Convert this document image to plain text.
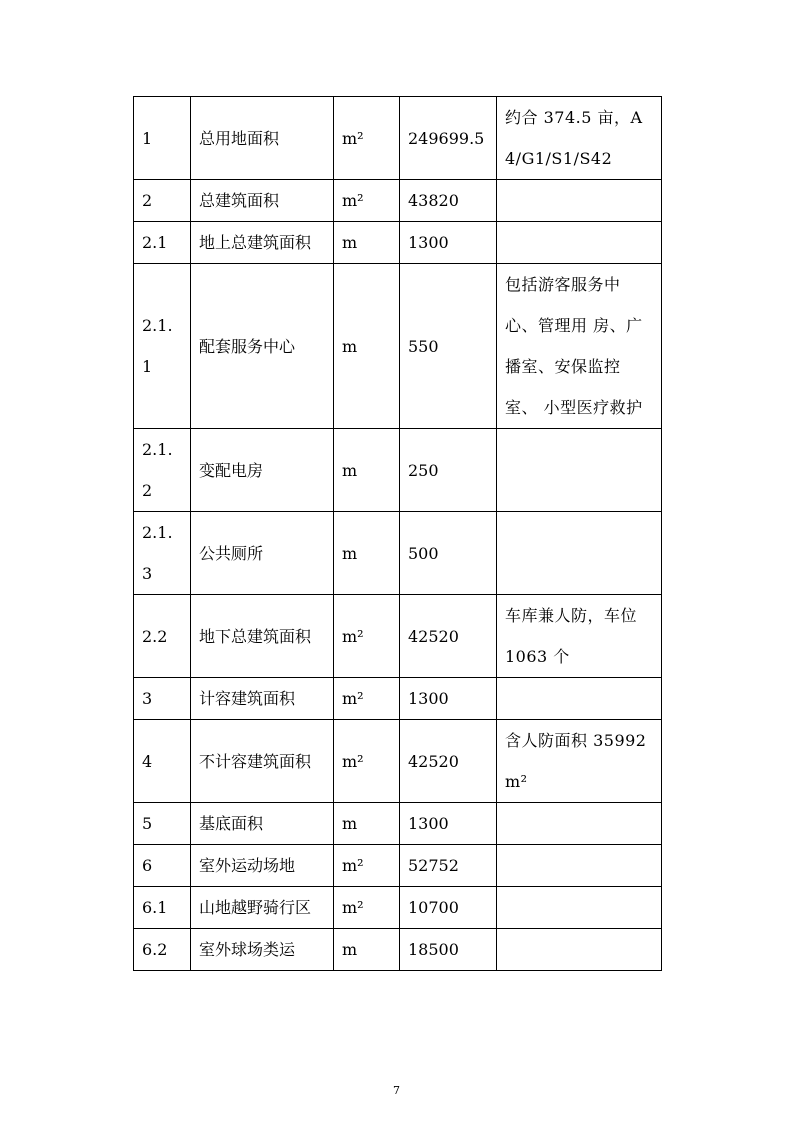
1	总用地面积	m²	249699.5	约合 374.5 亩，A4/G1/S1/S42
2	总建筑面积	m²	43820	
2.1	地上总建筑面积	m	1300	
2.1.1	配套服务中心	m	550	包括游客服务中心、管理用 房、广播室、安保监控室、 小型医疗救护
2.1.2	变配电房	m	250	
2.1.3	公共厕所	m	500	
2.2	地下总建筑面积	m²	42520	车库兼人防，车位 1063 个
3	计容建筑面积	m²	1300	
4	不计容建筑面积	m²	42520	含人防面积 35992m²
5	基底面积	m	1300	
6	室外运动场地	m²	52752	
6.1	山地越野骑行区	m²	10700	
6.2	室外球场类运	m	18500	
7
